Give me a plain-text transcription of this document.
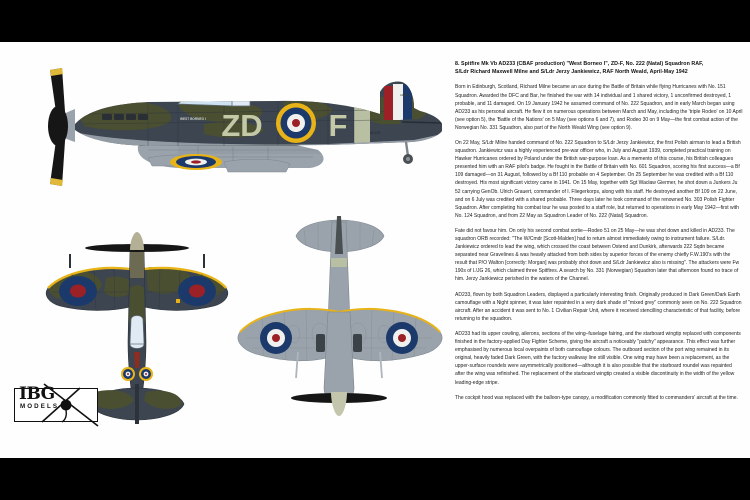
ZD F
WEST BORNEO I
AD233
AD233
IBG
MODELS
8. Spitfire Mk Vb AD233 (CBAF production) "West Borneo I", ZD-F, No. 222 (Natal) Squadron RAF,
S/Ldr Richard Maxwell Milne and S/Ldr Jerzy Jankiewicz, RAF North Weald, April-May 1942

Born in Edinburgh, Scotland, Richard Milne became an ace during the Battle of Britain while flying Hurricanes with No. 151 Squadron. Awarded the DFC and Bar, he finished the war with 14 individual and 1 shared victory, 1 unconfirmed destroyed, 1 probable, and 11 damaged. On 19 January 1942 he assumed command of No. 222 Squadron, and in early March began using AD233 as his personal aircraft. He flew it on numerous operations between March and May, including the 'triple Rodeo' on 10 April (see option 5), the 'Battle of the Nations' on 5 May (see options 6 and 7), and Rodeo 30 on 9 May—the first combat action of the Norwegian No. 331 Squadron, also part of the North Weald Wing (see option 9).

On 22 May, S/Ldr Milne handed command of No. 222 Squadron to S/Ldr Jerzy Jankiewicz, the first Polish airman to lead a British squadron. Jankiewicz was a highly experienced pre-war officer who, in July and August 1939, completed practical training on Hawker Hurricanes ordered by Poland under the British war-purpose loan. As a memento of this course, his British colleagues presented him with an RAF pilot's badge. He fought in the Battle of Britain with No. 601 Squadron, scoring his first success—a Bf 109 damaged—on 31 August, followed by a Bf 110 probable on 4 September. On 25 September he was credited with a Bf 110 destroyed. His most significant victory came in 1941. On 15 May, together with Sgt Wacław Giermer, he shot down a Junkers Ju 52 carrying GenOb. Ulrich Grauert, commander of I. Fliegerkorps, along with his staff. He destroyed another Bf 109 on 22 June, and on 6 July was credited with a shared probable. Three days later he took command of the renowned No. 303 Polish Fighter Squadron. After completing his combat tour he was posted to a staff role, but returned to operations in early May 1942—first with No. 124 Squadron, and from 22 May as Squadron Leader of No. 222 (Natal) Squadron.

Fate did not favour him. On only his second combat sortie—Rodeo 51 on 25 May—he was shot down and killed in AD233. The squadron ORB recorded: "The W/Cmdr [Scott-Malden] had to return almost immediately owing to instrument failure. S/Ldr. Jankiewicz ordered to lead the wing, which crossed the coast between Ostend and Dunkirk, afterwards 222 Sqdn became separated near Gravelines & was heavily attacked from both sides by superior forces of the enemy chiefly F.W.190's with the result that P/O Walton [correctly: Morgan] was probably shot down and S/Ldr Jankiewicz also is missing". The attackers were Fw 190s of I./JG 26, which claimed three Spitfires. A search by No. 331 (Norwegian) Squadron later that afternoon found no trace of him. Jerzy Jankiewicz perished in the waters of the Channel.

AD233, flown by both Squadron Leaders, displayed a particularly interesting finish. Originally produced in Dark Green/Dark Earth camouflage with a Night spinner, it was later repainted in a very dark shade of "mixed grey" commonly seen on No. 222 Squadron aircraft. After an accident it was sent to No. 1 Civilian Repair Unit, where it received stencilling characteristic of that facility, before returning to the squadron.

AD233 had its upper cowling, ailerons, sections of the wing–fuselage fairing, and the starboard wingtip replaced with components finished in the factory-applied Day Fighter Scheme, giving the aircraft a noticeably "patchy" appearance. This effect was further emphasised by numerous local overpaints of both camouflage colours. The outboard section of the port wing remained in its original, heavily faded Dark Green, with the factory walkway line still visible. One wing may have been a replacement, as the upper-surface roundels were asymmetrically positioned—although it is also possible that the starboard roundel was repainted after the wing was refinished. The replacement of the starboard wingtip created a visible discontinuity in the width of the yellow leading-edge stripe.

The cockpit hood was replaced with the balloon-type canopy, a modification commonly fitted to commanders' aircraft at the time.
